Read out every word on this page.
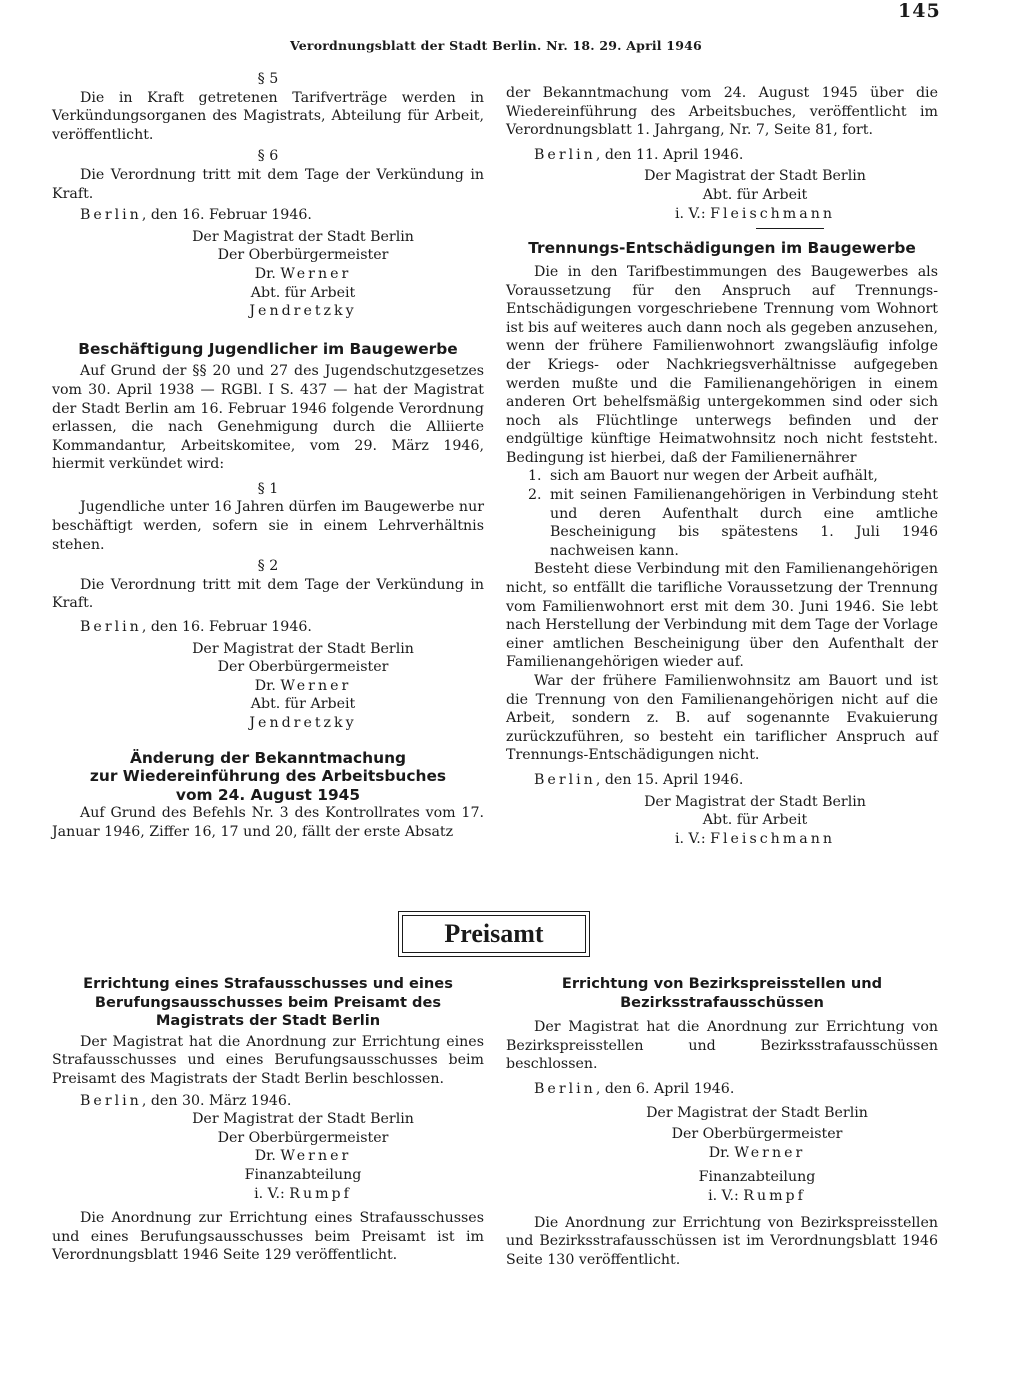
145
Verordnungsblatt der Stadt Berlin. Nr. 18. 29. April 1946
§ 5

Die in Kraft getretenen Tarifverträge werden in Verkündungsorganen des Magistrats, Abteilung für Arbeit, veröffentlicht.

§ 6

Die Verordnung tritt mit dem Tage der Verkündung in Kraft.

Berlin, den 16. Februar 1946.

Der Magistrat der Stadt Berlin
Der Oberbürgermeister
Dr. Werner
Abt. für Arbeit
Jendretzky
Beschäftigung Jugendlicher im Baugewerbe

Auf Grund der §§ 20 und 27 des Jugendschutzgesetzes vom 30. April 1938 — RGBl. I S. 437 — hat der Magistrat der Stadt Berlin am 16. Februar 1946 folgende Verordnung erlassen, die nach Genehmigung durch die Alliierte Kommandantur, Arbeitskomitee, vom 29. März 1946, hiermit verkündet wird:

§ 1

Jugendliche unter 16 Jahren dürfen im Baugewerbe nur beschäftigt werden, sofern sie in einem Lehrverhältnis stehen.

§ 2

Die Verordnung tritt mit dem Tage der Verkündung in Kraft.

Berlin, den 16. Februar 1946.

Der Magistrat der Stadt Berlin
Der Oberbürgermeister
Dr. Werner
Abt. für Arbeit
Jendretzky
Änderung der Bekanntmachung
zur Wiedereinführung des Arbeitsbuches
vom 24. August 1945

Auf Grund des Befehls Nr. 3 des Kontrollrates vom 17. Januar 1946, Ziffer 16, 17 und 20, fällt der erste Absatz

der Bekanntmachung vom 24. August 1945 über die Wiedereinführung des Arbeitsbuches, veröffentlicht im Verordnungsblatt 1. Jahrgang, Nr. 7, Seite 81, fort.

Berlin, den 11. April 1946.

Der Magistrat der Stadt Berlin
Abt. für Arbeit
i. V.: Fleischmann
Trennungs-Entschädigungen im Baugewerbe

Die in den Tarifbestimmungen des Baugewerbes als Voraussetzung für den Anspruch auf Trennungs-Entschädigungen vorgeschriebene Trennung vom Wohnort ist bis auf weiteres auch dann noch als gegeben anzusehen, wenn der frühere Familienwohnort zwangsläufig infolge der Kriegs- oder Nachkriegsverhältnisse aufgegeben werden mußte und die Familienangehörigen in einem anderen Ort behelfsmäßig untergekommen sind oder sich noch als Flüchtlinge unterwegs befinden und der endgültige künftige Heimatwohnsitz noch nicht feststeht. Bedingung ist hierbei, daß der Familienernährer

1. sich am Bauort nur wegen der Arbeit aufhält,
2. mit seinen Familienangehörigen in Verbindung steht und deren Aufenthalt durch eine amtliche Bescheinigung bis spätestens 1. Juli 1946 nachweisen kann.

Besteht diese Verbindung mit den Familienangehörigen nicht, so entfällt die tarifliche Voraussetzung der Trennung vom Familienwohnort erst mit dem 30. Juni 1946. Sie lebt nach Herstellung der Verbindung mit dem Tage der Vorlage einer amtlichen Bescheinigung über den Aufenthalt der Familienangehörigen wieder auf.

War der frühere Familienwohnsitz am Bauort und ist die Trennung von den Familienangehörigen nicht auf die Arbeit, sondern z. B. auf sogenannte Evakuierung zurückzuführen, so besteht ein tariflicher Anspruch auf Trennungs-Entschädigungen nicht.

Berlin, den 15. April 1946.

Der Magistrat der Stadt Berlin
Abt. für Arbeit
i. V.: Fleischmann
Preisamt
Errichtung eines Strafausschusses und eines Berufungsausschusses beim Preisamt des Magistrats der Stadt Berlin

Der Magistrat hat die Anordnung zur Errichtung eines Strafausschusses und eines Berufungsausschusses beim Preisamt des Magistrats der Stadt Berlin beschlossen.

Berlin, den 30. März 1946.

Der Magistrat der Stadt Berlin
Der Oberbürgermeister
Dr. Werner
Finanzabteilung
i. V.: Rumpf

Die Anordnung zur Errichtung eines Strafausschusses und eines Berufungsausschusses beim Preisamt ist im Verordnungsblatt 1946 Seite 129 veröffentlicht.

Errichtung von Bezirkspreisstellen und Bezirksstrafausschüssen

Der Magistrat hat die Anordnung zur Errichtung von Bezirkspreisstellen und Bezirksstrafausschüssen beschlossen.

Berlin, den 6. April 1946.

Der Magistrat der Stadt Berlin
Der Oberbürgermeister
Dr. Werner
Finanzabteilung
i. V.: Rumpf

Die Anordnung zur Errichtung von Bezirkspreisstellen und Bezirksstrafausschüssen ist im Verordnungsblatt 1946 Seite 130 veröffentlicht.
